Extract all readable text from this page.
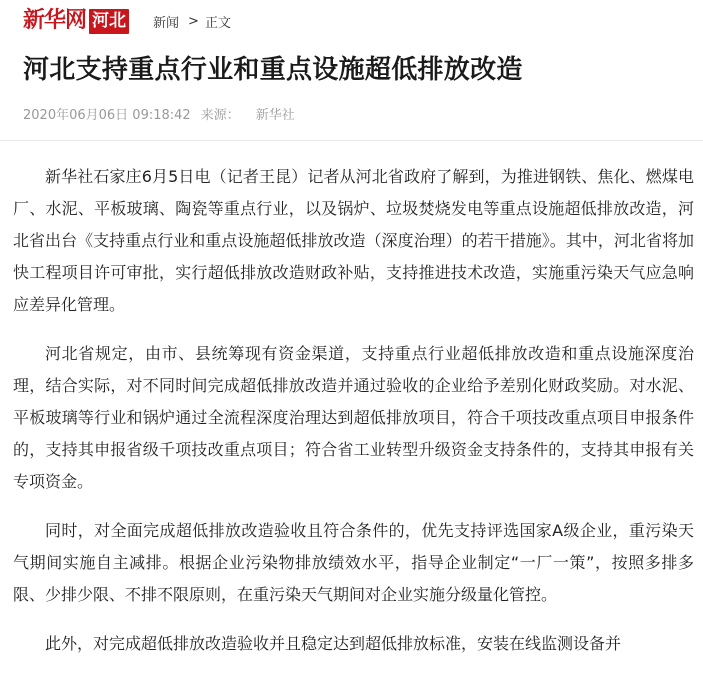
新华网 河北 新闻 > 正文
河北支持重点行业和重点设施超低排放改造
2020年06月06日 09:18:42 来源： 新华社

新华社石家庄6月5日电（记者王昆）记者从河北省政府了解到，为推进钢铁、焦化、燃煤电厂、水泥、平板玻璃、陶瓷等重点行业，以及锅炉、垃圾焚烧发电等重点设施超低排放改造，河北省出台《支持重点行业和重点设施超低排放改造（深度治理）的若干措施》。其中，河北省将加快工程项目许可审批，实行超低排放改造财政补贴，支持推进技术改造，实施重污染天气应急响应差异化管理。

河北省规定，由市、县统筹现有资金渠道，支持重点行业超低排放改造和重点设施深度治理，结合实际，对不同时间完成超低排放改造并通过验收的企业给予差别化财政奖励。对水泥、平板玻璃等行业和锅炉通过全流程深度治理达到超低排放项目，符合千项技改重点项目申报条件的，支持其申报省级千项技改重点项目；符合省工业转型升级资金支持条件的，支持其申报有关专项资金。

同时，对全面完成超低排放改造验收且符合条件的，优先支持评选国家A级企业，重污染天气期间实施自主减排。根据企业污染物排放绩效水平，指导企业制定“一厂一策”，按照多排多限、少排少限、不排不限原则，在重污染天气期间对企业实施分级量化管控。

此外，对完成超低排放改造验收并且稳定达到超低排放标准，安装在线监测设备并
